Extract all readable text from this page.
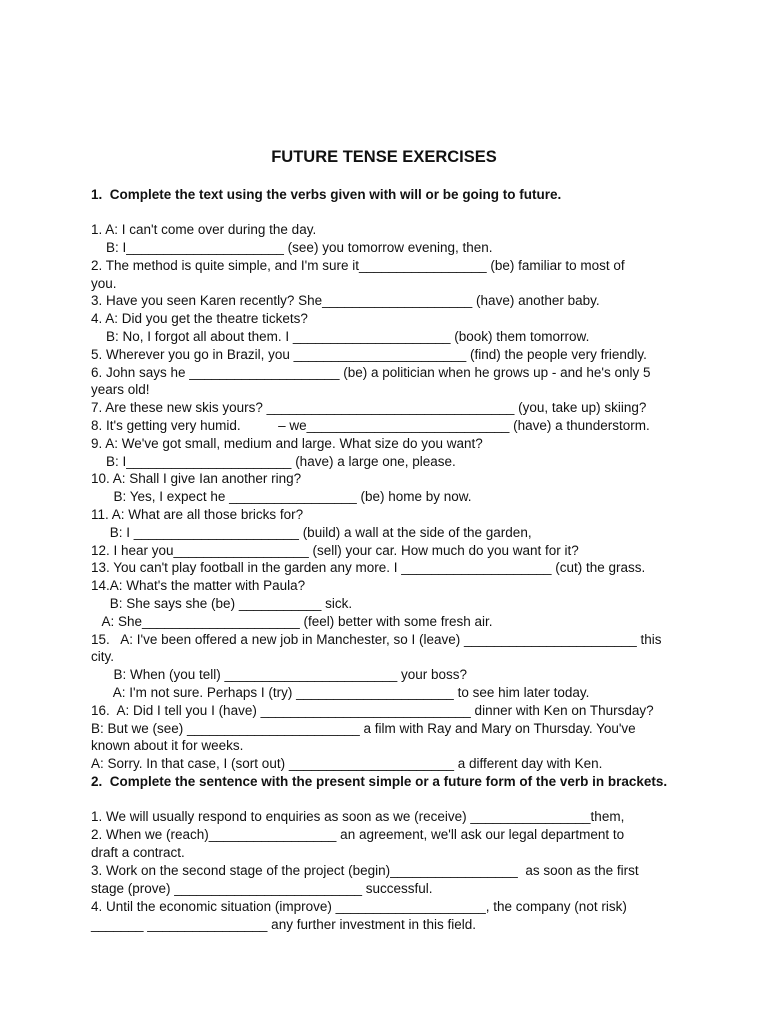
FUTURE TENSE EXERCISES
1.  Complete the text using the verbs given with will or be going to future.
1. A: I can't come over during the day.
B: I_____________________ (see) you tomorrow evening, then.
2. The method is quite simple, and I'm sure it_________________ (be) familiar to most of
you.
3. Have you seen Karen recently? She____________________ (have) another baby.
4. A: Did you get the theatre tickets?
B: No, I forgot all about them. I _____________________ (book) them tomorrow.
5. Wherever you go in Brazil, you _______________________ (find) the people very friendly.
6. John says he ____________________ (be) a politician when he grows up - and he's only 5
years old!
7. Are these new skis yours? _________________________________ (you, take up) skiing?
8. It's getting very humid.          – we___________________________ (have) a thunderstorm.
9. A: We've got small, medium and large. What size do you want?
B: I______________________ (have) a large one, please.
10. A: Shall I give Ian another ring?
B: Yes, I expect he _________________ (be) home by now.
11. A: What are all those bricks for?
B: I ______________________ (build) a wall at the side of the garden,
12. I hear you__________________ (sell) your car. How much do you want for it?
13. You can't play football in the garden any more. I ____________________ (cut) the grass.
14.A: What's the matter with Paula?
B: She says she (be) ___________ sick.
A: She_____________________ (feel) better with some fresh air.
15.   A: I've been offered a new job in Manchester, so I (leave) _______________________ this
city.
B: When (you tell) _______________________ your boss?
A: I'm not sure. Perhaps I (try) _____________________ to see him later today.
16.  A: Did I tell you I (have) ____________________________ dinner with Ken on Thursday?
B: But we (see) _______________________ a film with Ray and Mary on Thursday. You've
known about it for weeks.
A: Sorry. In that case, I (sort out) ______________________ a different day with Ken.
2.  Complete the sentence with the present simple or a future form of the verb in brackets.
1. We will usually respond to enquiries as soon as we (receive) ________________them,
2. When we (reach)_________________ an agreement, we'll ask our legal department to
draft a contract.
3. Work on the second stage of the project (begin)_________________  as soon as the first
stage (prove) _________________________ successful.
4. Until the economic situation (improve) ____________________, the company (not risk)
_______ ________________ any further investment in this field.
